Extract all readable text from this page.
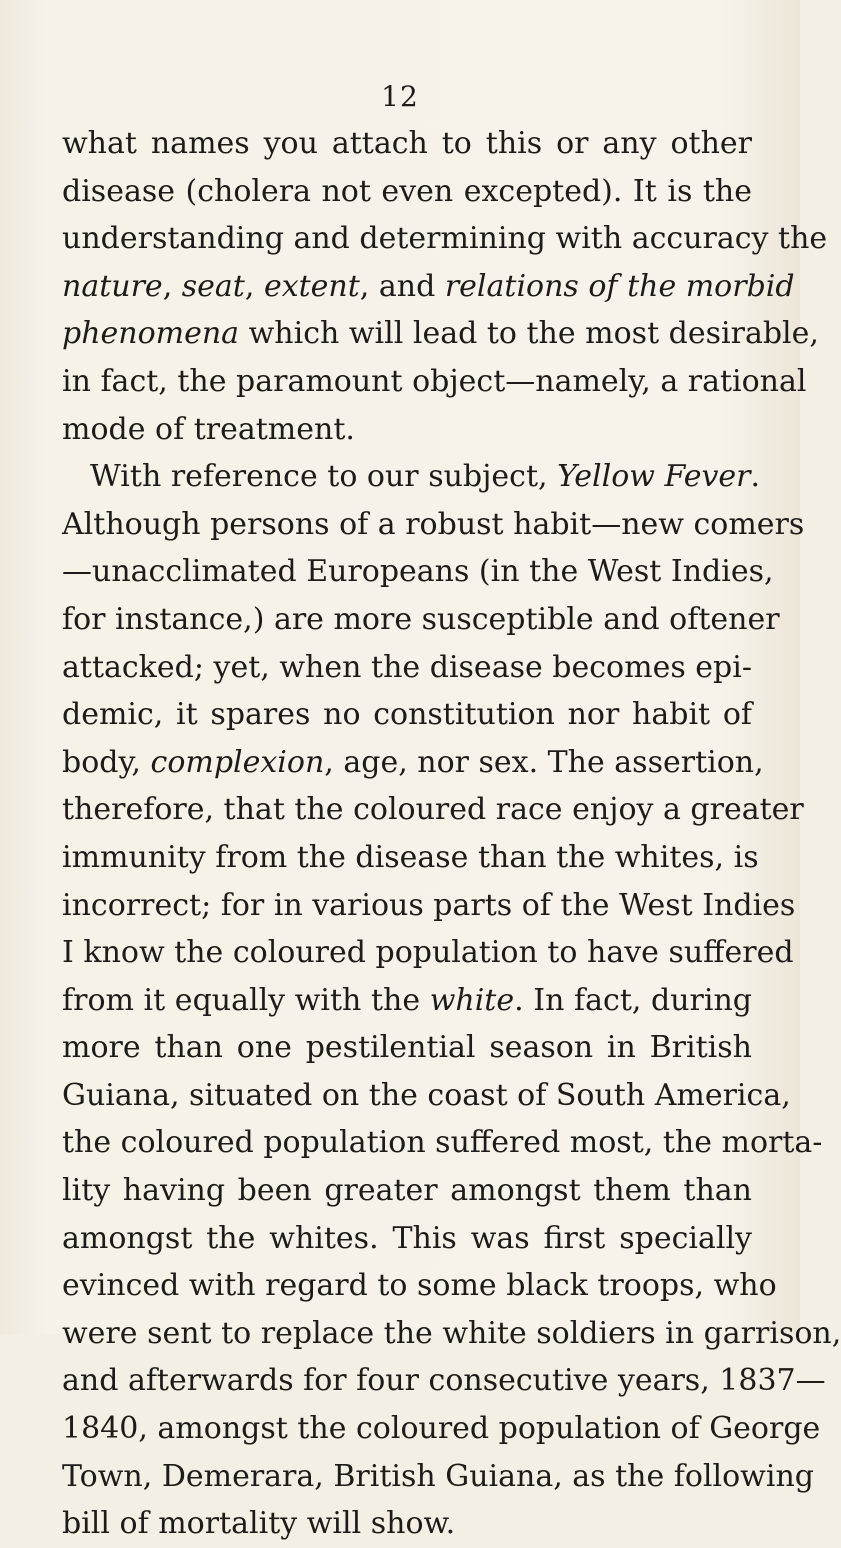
12
what names you attach to this or any other
disease (cholera not even excepted). It is the
understanding and determining with accuracy the
nature, seat, extent, and relations of the morbid
phenomena which will lead to the most desirable,
in fact, the paramount object—namely, a rational
mode of treatment.
With reference to our subject, Yellow Fever.
Although persons of a robust habit—new comers
—unacclimated Europeans (in the West Indies,
for instance,) are more susceptible and oftener
attacked; yet, when the disease becomes epi-
demic, it spares no constitution nor habit of
body, complexion, age, nor sex. The assertion,
therefore, that the coloured race enjoy a greater
immunity from the disease than the whites, is
incorrect; for in various parts of the West Indies
I know the coloured population to have suffered
from it equally with the white. In fact, during
more than one pestilential season in British
Guiana, situated on the coast of South America,
the coloured population suffered most, the morta-
lity having been greater amongst them than
amongst the whites. This was first specially
evinced with regard to some black troops, who
were sent to replace the white soldiers in garrison,
and afterwards for four consecutive years, 1837—
1840, amongst the coloured population of George
Town, Demerara, British Guiana, as the following
bill of mortality will show.
